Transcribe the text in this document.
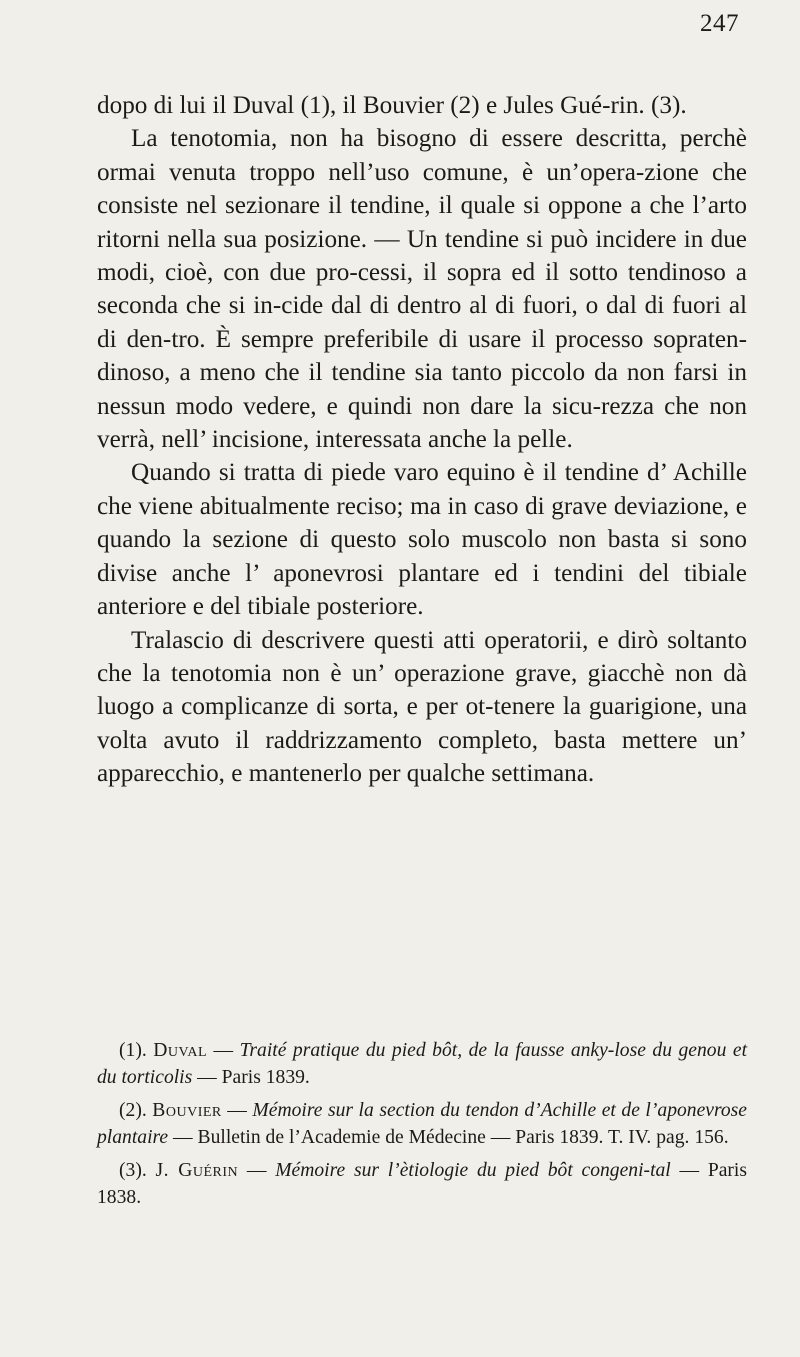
247

dopo di lui il Duval (1), il Bouvier (2) e Jules Gué-rin. (3).

La tenotomia, non ha bisogno di essere descritta, perchè ormai venuta troppo nell’uso comune, è un’opera-zione che consiste nel sezionare il tendine, il quale si oppone a che l’arto ritorni nella sua posizione. — Un tendine si può incidere in due modi, cioè, con due pro-cessi, il sopra ed il sotto tendinoso a seconda che si in-cide dal di dentro al di fuori, o dal di fuori al di den-tro. È sempre preferibile di usare il processo sopraten-dinoso, a meno che il tendine sia tanto piccolo da non farsi in nessun modo vedere, e quindi non dare la sicu-rezza che non verrà, nell’ incisione, interessata anche la pelle.

Quando si tratta di piede varo equino è il tendine d’ Achille che viene abitualmente reciso; ma in caso di grave deviazione, e quando la sezione di questo solo muscolo non basta si sono divise anche l’ aponevrosi plantare ed i tendini del tibiale anteriore e del tibiale posteriore.

Tralascio di descrivere questi atti operatorii, e dirò soltanto che la tenotomia non è un’ operazione grave, giacchè non dà luogo a complicanze di sorta, e per ot-tenere la guarigione, una volta avuto il raddrizzamento completo, basta mettere un’ apparecchio, e mantenerlo per qualche settimana.

(1). Duval — Traité pratique du pied bôt, de la fausse anky-lose du genou et du torticolis — Paris 1839.

(2). Bouvier — Mémoire sur la section du tendon d’Achille et de l’aponevrose plantaire — Bulletin de l’Academie de Médecine — Paris 1839. T. IV. pag. 156.

(3). J. Guérin — Mémoire sur l’ètiologie du pied bôt congeni-tal — Paris 1838.
